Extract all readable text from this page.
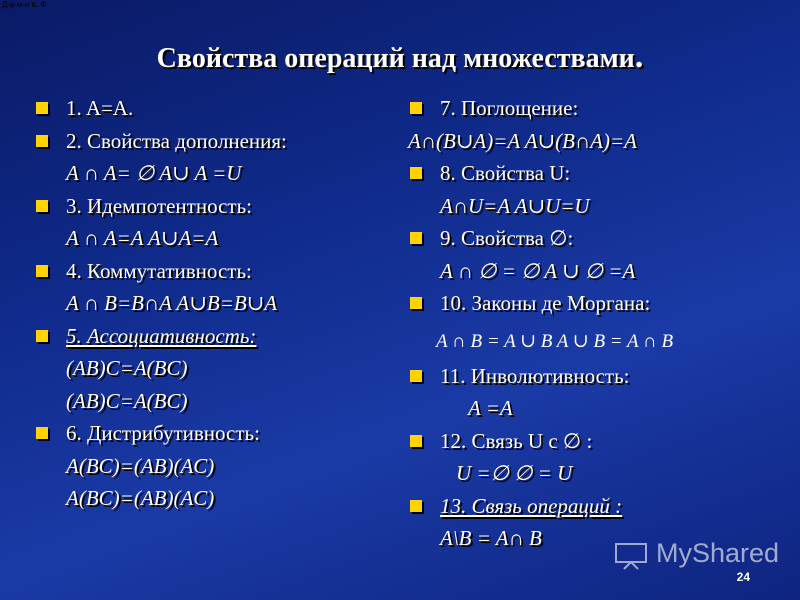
Д-р м-н в. Ф
Свойства операций над множествами.
1. A=A.
2. Свойства дополнения:
A ∩ A= ∅ A∪ A =U
3. Идемпотентность:
A ∩ A=A A∪A=A
4. Коммутативность:
A ∩ B=B∩A A∪B=B∪A
5. Ассоциативность:
(AB)C=A(BC)
(AB)C=A(BC)
6. Дистрибутивность:
A(BC)=(AB)(AC)
A(BC)=(AB)(AC)
7. Поглощение:
A∩(B∪A)=A A∪(B∩A)=A
8. Свойства U:
A∩U=A A∪U=U
9. Свойства ∅:
A ∩ ∅ = ∅ A ∪ ∅ =A
10. Законы де Моргана:
A ∩ B = A ∪ B A ∪ B = A ∩ B
11. Инволютивность:
A =A
12. Связь U с ∅ :
U =∅ ∅ = U
13. Связь операций :
A\B = A∩ B	MyShared
24
